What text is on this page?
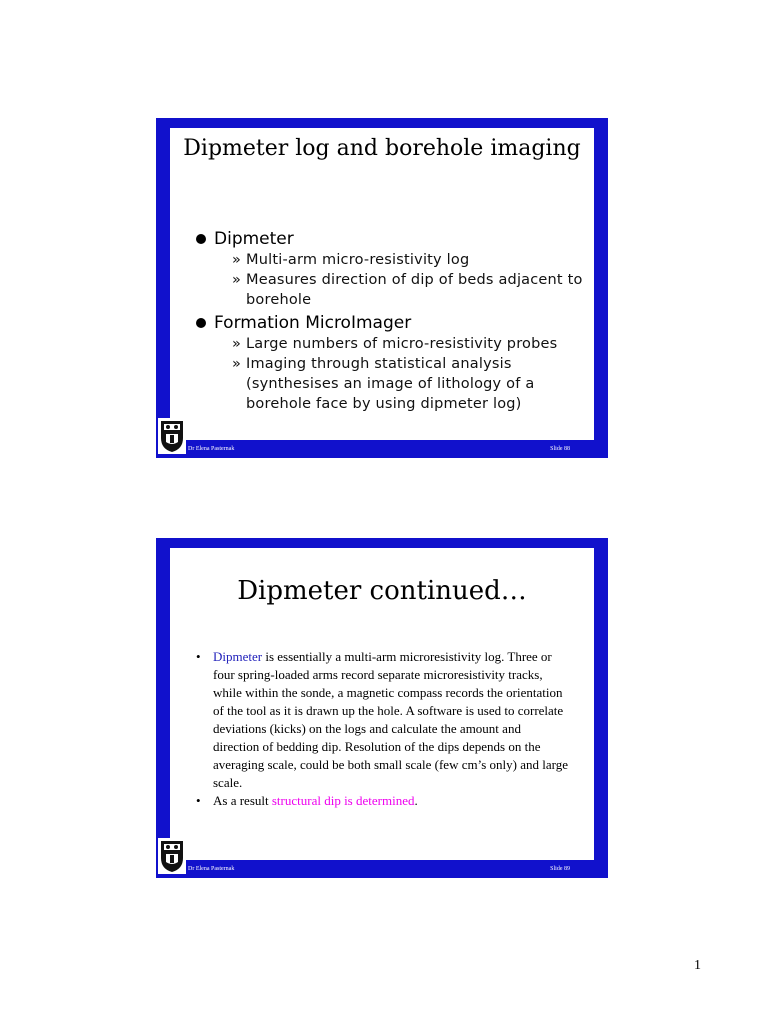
Dipmeter log and borehole imaging

Dipmeter

» Multi-arm micro-resistivity log

» Measures direction of dip of beds adjacent to borehole

Formation MicroImager

» Large numbers of micro-resistivity probes

» Imaging through statistical analysis (synthesises an image of lithology of a borehole face by using dipmeter log)

Dr Elena Pasternak	Slide 88
Dipmeter continued…

• Dipmeter is essentially a multi-arm microresistivity log. Three or four spring-loaded arms record separate microresistivity tracks, while within the sonde, a magnetic compass records the orientation of the tool as it is drawn up the hole. A software is used to correlate deviations (kicks) on the logs and calculate the amount and direction of bedding dip. Resolution of the dips depends on the averaging scale, could be both small scale (few cm’s only) and large scale.

• As a result structural dip is determined.

Dr Elena Pasternak	Slide 89
1
